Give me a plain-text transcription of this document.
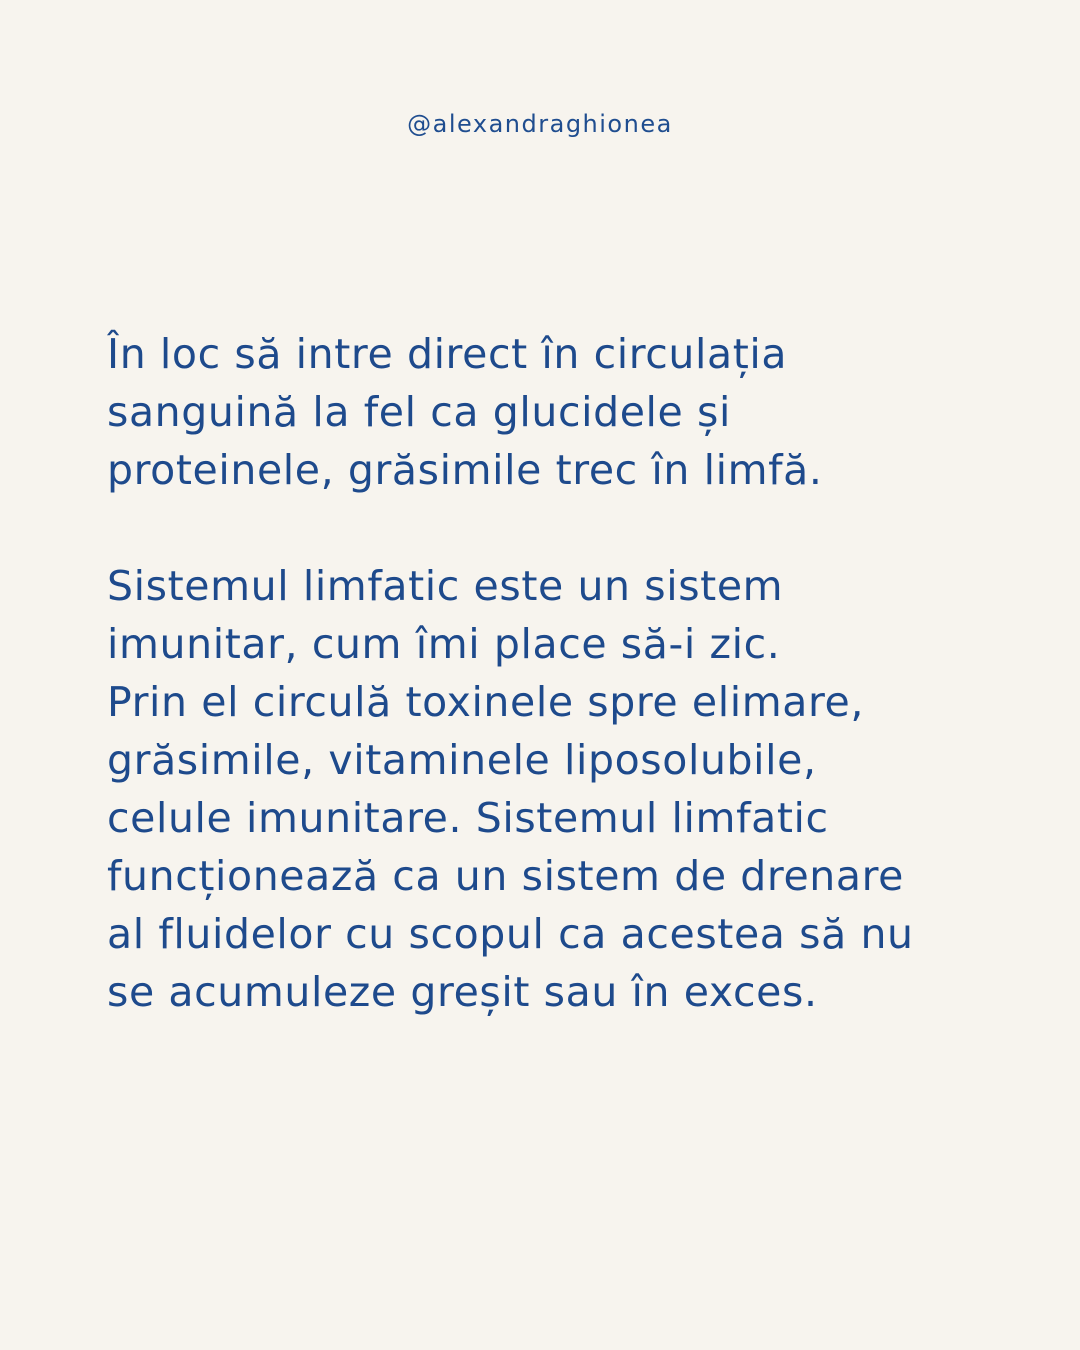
@alexandraghionea
În loc să intre direct în circulația
sanguină la fel ca glucidele și
proteinele, grăsimile trec în limfă.
Sistemul limfatic este un sistem
imunitar, cum îmi place să-i zic.
Prin el circulă toxinele spre elimare,
grăsimile, vitaminele liposolubile,
celule imunitare. Sistemul limfatic
funcționează ca un sistem de drenare
al fluidelor cu scopul ca acestea să nu
se acumuleze greșit sau în exces.
